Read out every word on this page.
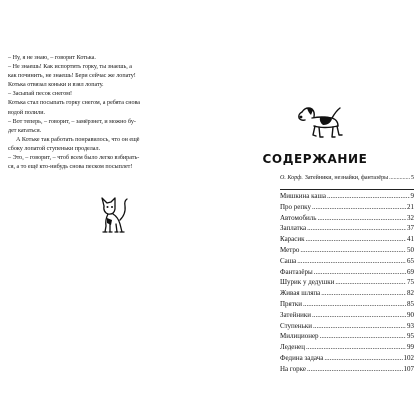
– Ну, я не знаю, – говорит Котька.

– Не знаешь! Как испортить горку, ты знаешь, а

как починить, не знаешь! Бери сейчас же лопату!

Котька отвязал коньки и взял лопату.

– Засыпай песок снегом!

Котька стал посыпать горку снегом, а ребята снова

водой полили.

– Вот теперь, – говорит, – замёрзнет, и можно бу-

дет кататься.

А Котьке так работать понравилось, что он ещё

сбоку лопатой ступеньки проделал.

– Это, – говорит, – чтоб всем было легко взбирать-

ся, а то ещё кто-нибудь снова песком посыплет!

СОДЕРЖАНИЕ
О. Корф. Затейники, незнайки, фантазёры .....	5
Мишкина каша .....	9
Про репку .....	21
Автомобиль .....	32
Заплатка .....	37
Карасик .....	41
Метро .....	50
Саша .....	65
Фантазёры .....	69
Шурик у дедушки .....	75
Живая шляпа .....	82
Прятки .....	85
Затейники .....	90
Ступеньки .....	93
Милиционер .....	95
Леденец .....	99
Федина задача .....	102
На горке .....	107
